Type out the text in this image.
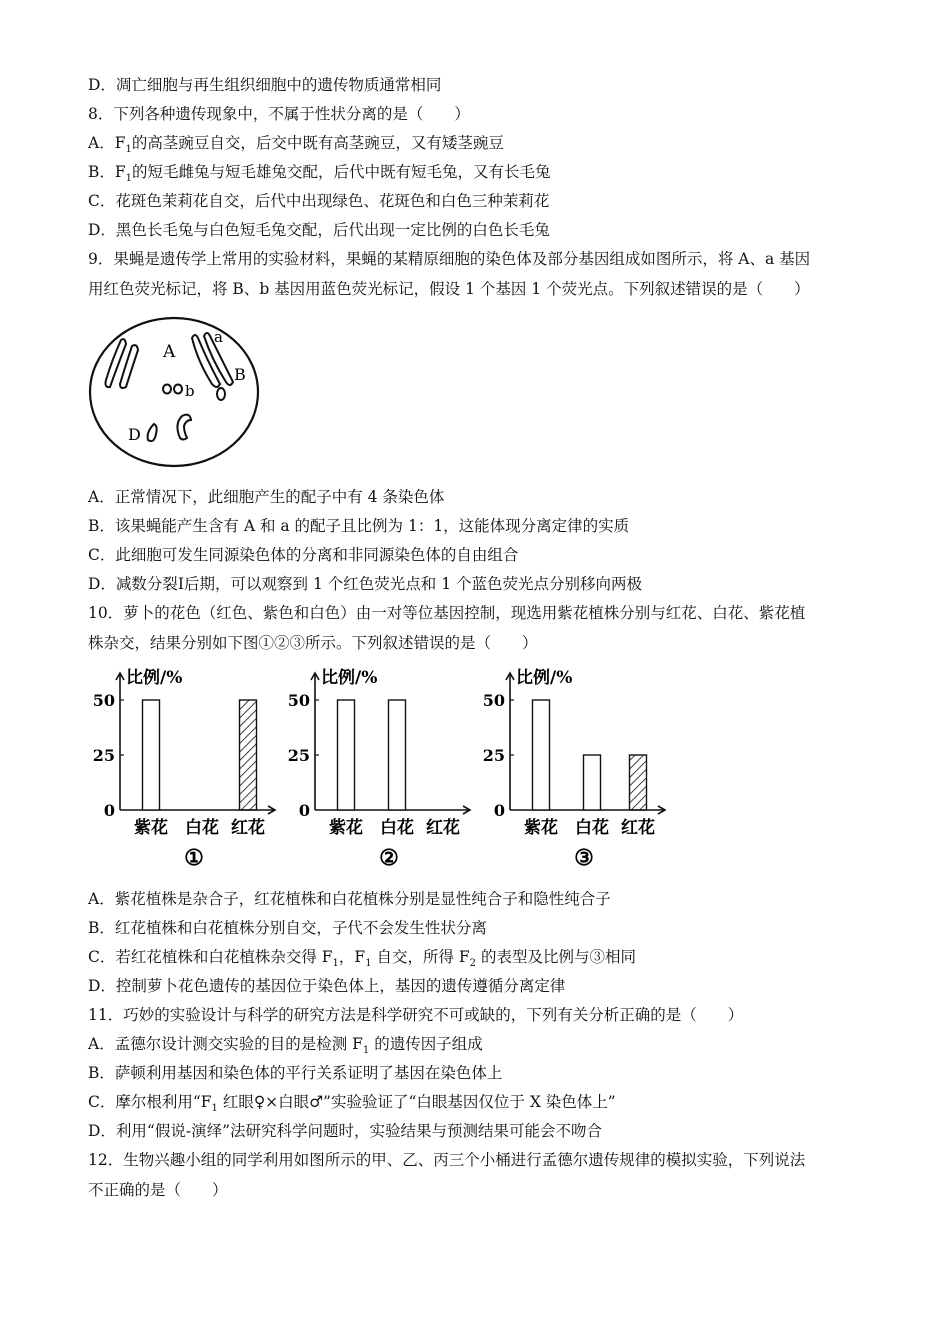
D．凋亡细胞与再生组织细胞中的遗传物质通常相同
8．下列各种遗传现象中，不属于性状分离的是（　　）
A．$F_1$的高茎豌豆自交，后交中既有高茎豌豆，又有矮茎豌豆
B．$F_1$的短毛雌兔与短毛雄兔交配，后代中既有短毛兔，又有长毛兔
C．花斑色茉莉花自交，后代中出现绿色、花斑色和白色三种茉莉花
D．黑色长毛兔与白色短毛兔交配，后代出现一定比例的白色长毛兔
9．果蝇是遗传学上常用的实验材料，果蝇的某精原细胞的染色体及部分基因组成如图所示，将 A、a 基因
用红色荧光标记，将 B、b 基因用蓝色荧光标记，假设 1 个基因 1 个荧光点。下列叙述错误的是（　　）
A
a
B
b
D
A．正常情况下，此细胞产生的配子中有 4 条染色体
B．该果蝇能产生含有 A 和 a 的配子且比例为 1：1，这能体现分离定律的实质
C．此细胞可发生同源染色体的分离和非同源染色体的自由组合
D．减数分裂Ⅰ后期，可以观察到 1 个红色荧光点和 1 个蓝色荧光点分别移向两极
10．萝卜的花色（红色、紫色和白色）由一对等位基因控制，现选用紫花植株分别与红花、白花、紫花植
株杂交，结果分别如下图①②③所示。下列叙述错误的是（　　）
比例/%
0
25
50
紫花 白花 红花
①
比例/%
0
25
50
紫花 白花 红花
②
比例/%
0
25
50
紫花 白花 红花
③
A．紫花植株是杂合子，红花植株和白花植株分别是显性纯合子和隐性纯合子
B．红花植株和白花植株分别自交，子代不会发生性状分离
C．若红花植株和白花植株杂交得 $F_1$，$F_1$ 自交，所得 $F_2$ 的表型及比例与③相同
D．控制萝卜花色遗传的基因位于染色体上，基因的遗传遵循分离定律
11．巧妙的实验设计与科学的研究方法是科学研究不可或缺的，下列有关分析正确的是（　　）
A．孟德尔设计测交实验的目的是检测 $F_1$ 的遗传因子组成
B．萨顿利用基因和染色体的平行关系证明了基因在染色体上
C．摩尔根利用“$F_1$ 红眼♀×白眼♂”实验验证了“白眼基因仅位于 X 染色体上”
D．利用“假说-演绎”法研究科学问题时，实验结果与预测结果可能会不吻合
12．生物兴趣小组的同学利用如图所示的甲、乙、丙三个小桶进行孟德尔遗传规律的模拟实验，下列说法
不正确的是（　　）
